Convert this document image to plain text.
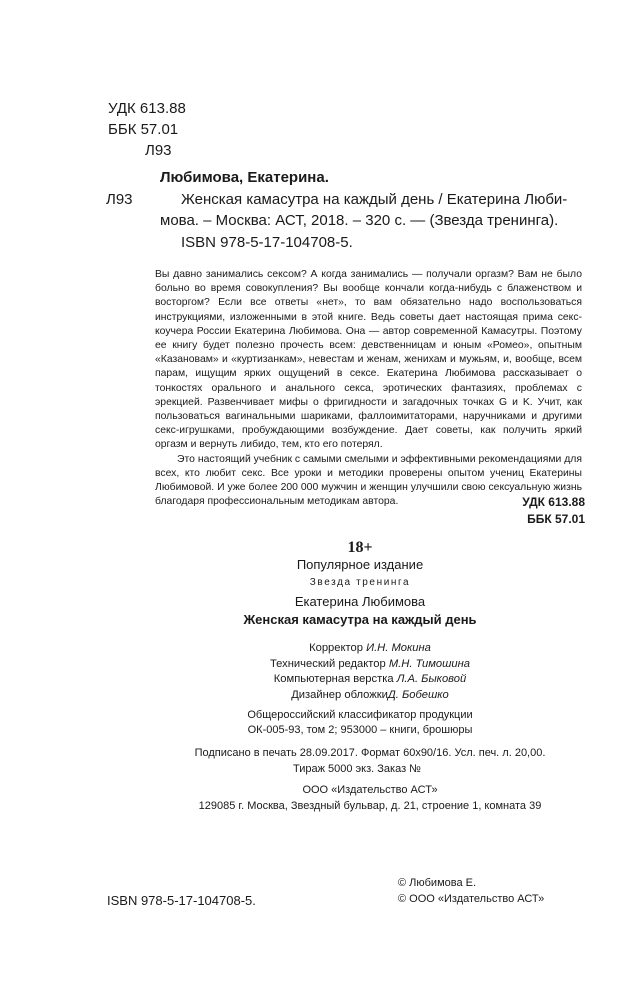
УДК 613.88
ББК 57.01
Л93
Любимова, Екатерина.
Л93	Женская камасутра на каждый день / Екатерина Люби-
мова. – Москва: АСТ, 2018. – 320 с. — (Звезда тренинга).
ISBN 978-5-17-104708-5.

Вы давно занимались сексом? А когда занимались — получали оргазм? Вам не было больно во время совокупления? Вы вообще кончали когда-нибудь с блаженством и восторгом? Если все ответы «нет», то вам обязательно надо воспользоваться инструкциями, изложенными в этой книге. Ведь советы дает настоящая прима секс-коучера России Екатерина Любимова. Она — автор современной Камасутры. Поэтому ее книгу будет полезно прочесть всем: девственницам и юным «Ромео», опытным «Казановам» и «куртизанкам», невестам и женам, женихам и мужьям, и, вообще, всем парам, ищущим ярких ощущений в сексе. Екатерина Любимова рассказывает о тонкостях орального и анального секса, эротических фантазиях, проблемах с эрекцией. Развенчивает мифы о фригидности и загадочных точках G и K. Учит, как пользоваться вагинальными шариками, фаллоимитаторами, наручниками и другими секс-игрушками, пробуждающими возбуждение. Дает советы, как получить яркий оргазм и вернуть либидо, тем, кто его потерял.

Это настоящий учебник с самыми смелыми и эффективными рекомендациями для всех, кто любит секс. Все уроки и методики проверены опытом учениц Екатерины Любимовой. И уже более 200 000 мужчин и женщин улучшили свою сексуальную жизнь благодаря профессиональным методикам автора.	УДК 613.88
ББК 57.01
18+
Популярное издание
Звезда тренинга
Екатерина Любимова
Женская камасутра на каждый день
Корректор И.Н. Мокина
Технический редактор М.Н. Тимошина
Компьютерная верстка Л.А. Быковой
Дизайнер обложкиД. Бобешко
Общероссийский классификатор продукции
ОК-005-93, том 2; 953000 – книги, брошюры
Подписано в печать 28.09.2017. Формат 60х90/16. Усл. печ. л. 20,00.
Тираж 5000 экз. Заказ №
ООО «Издательство АСТ»
129085 г. Москва, Звездный бульвар, д. 21, строение 1, комната 39
ISBN 978-5-17-104708-5.
© Любимова Е.
© ООО «Издательство АСТ»
